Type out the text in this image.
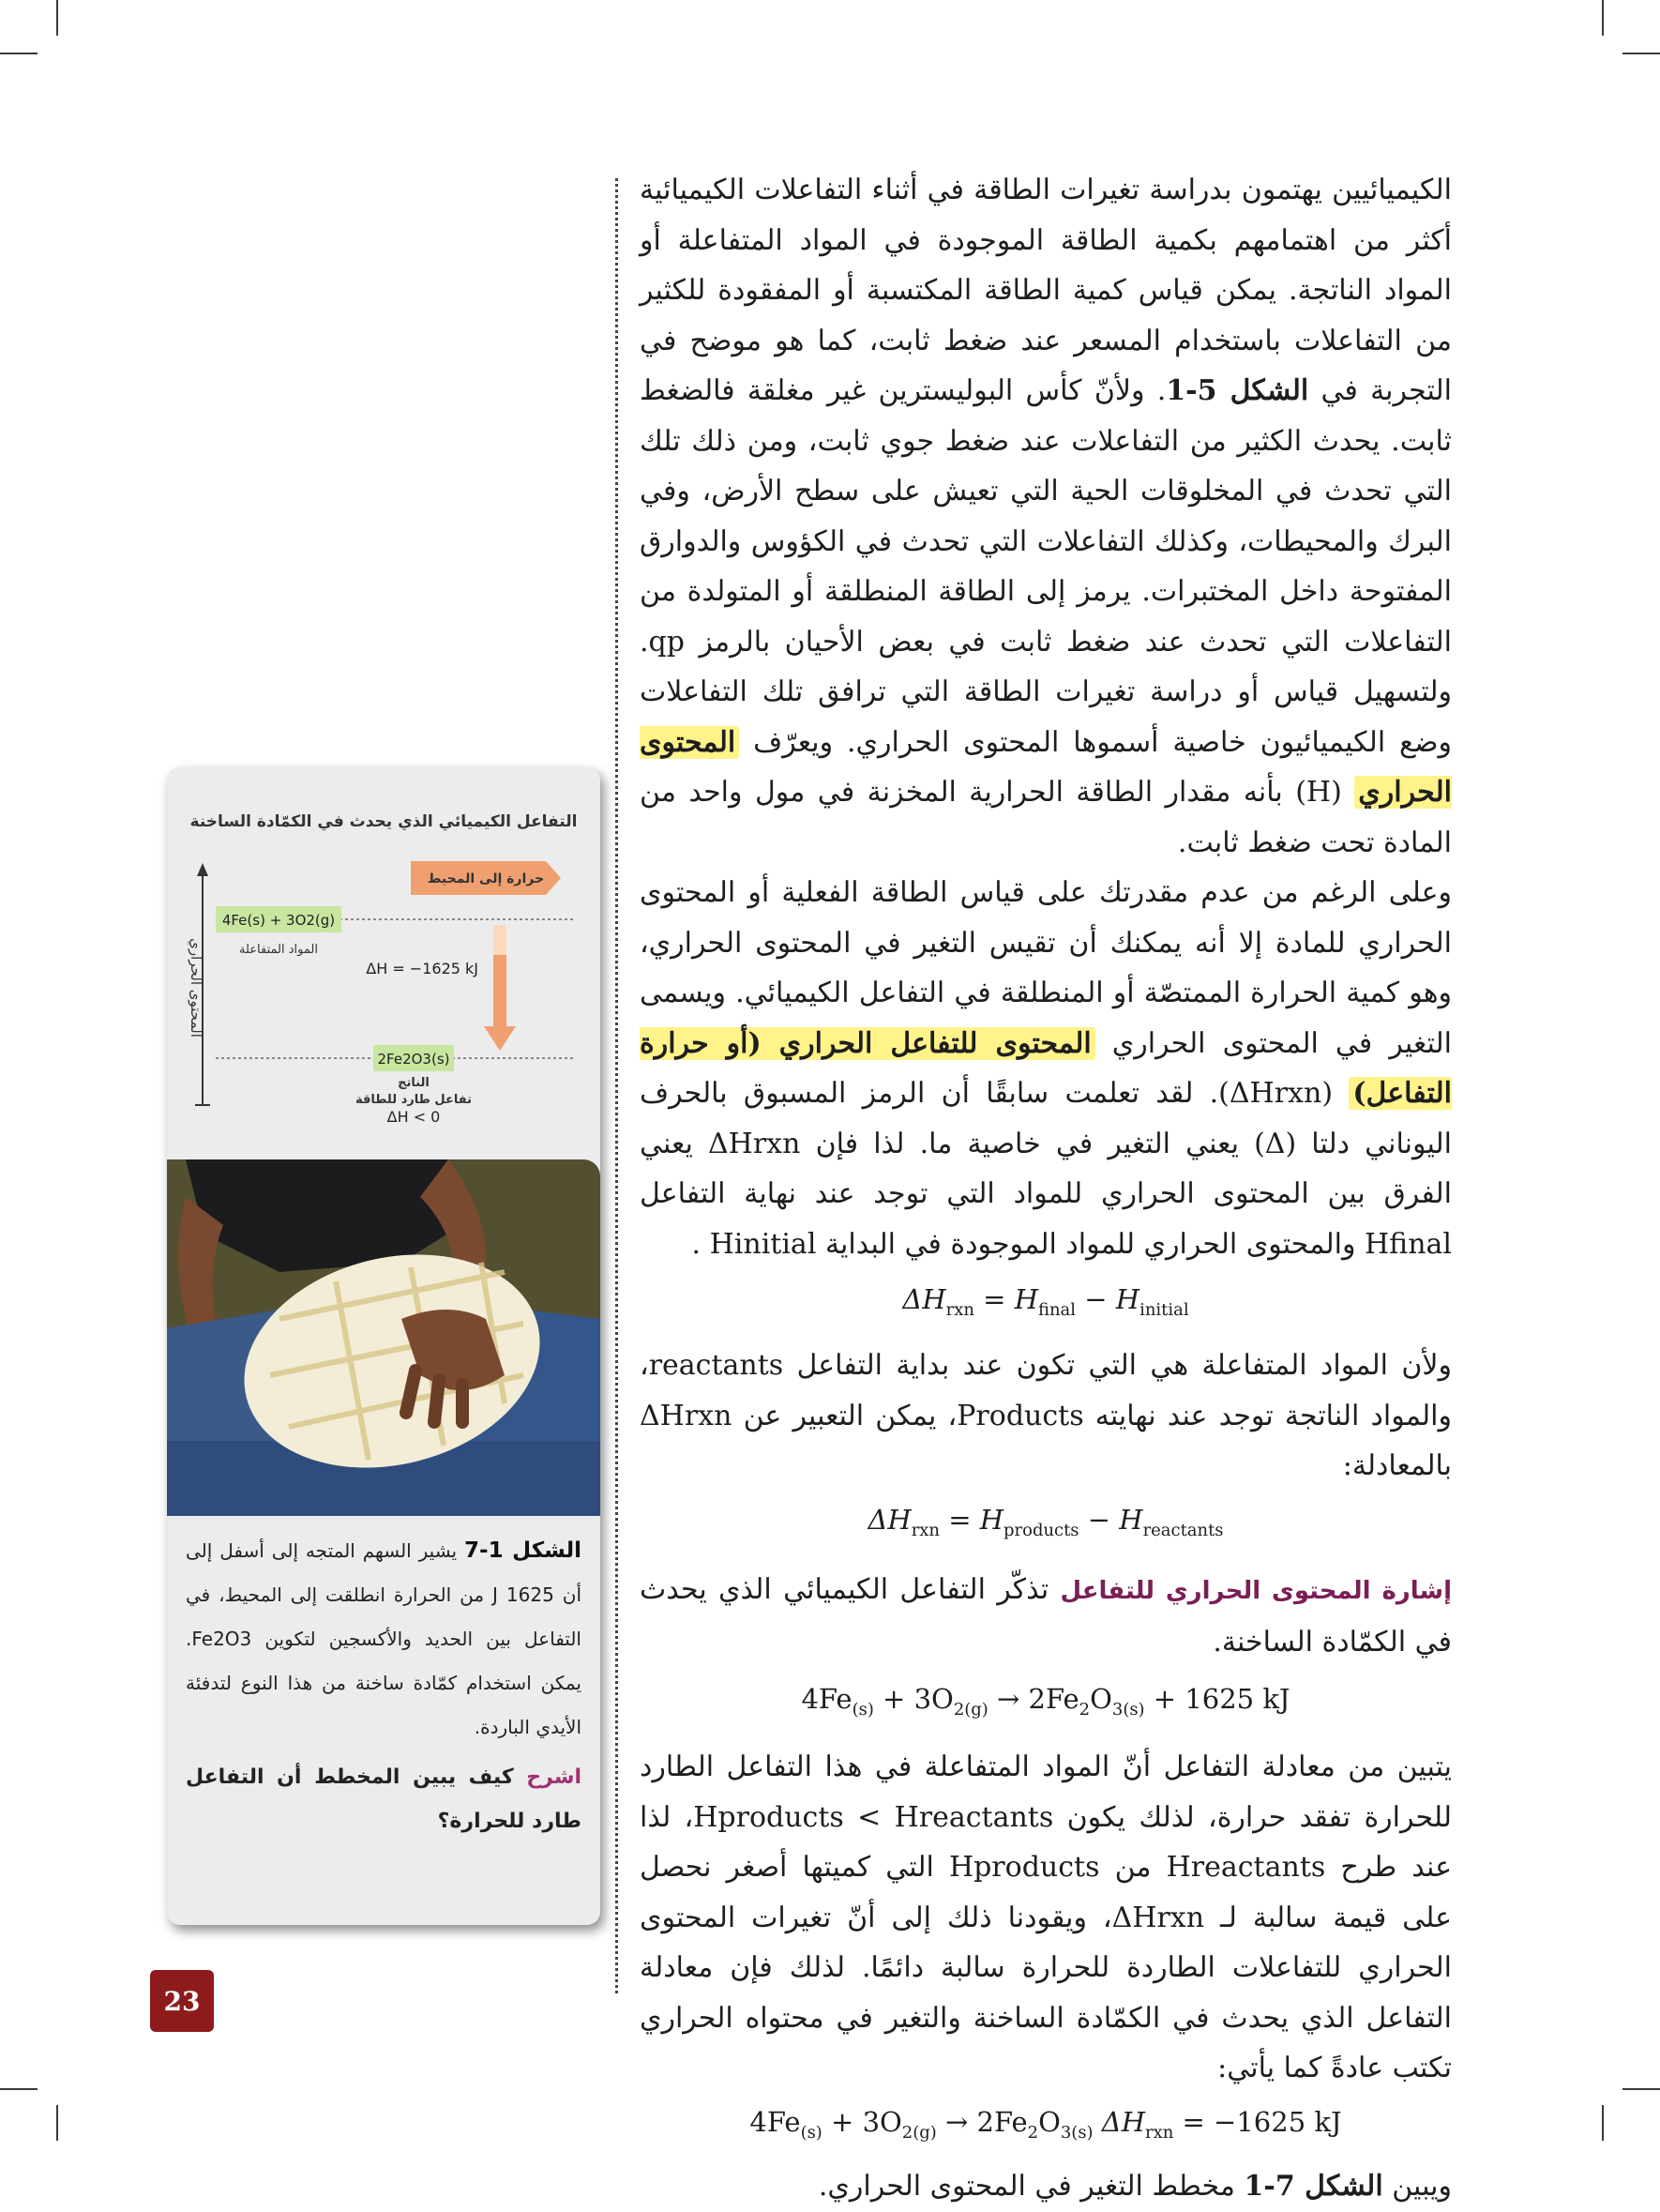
الكيميائيين يهتمون بدراسة تغيرات الطاقة في أثناء التفاعلات الكيميائية أكثر من اهتمامهم بكمية الطاقة الموجودة في المواد المتفاعلة أو المواد الناتجة. يمكن قياس كمية الطاقة المكتسبة أو المفقودة للكثير من التفاعلات باستخدام المسعر عند ضغط ثابت، كما هو موضح في التجربة في الشكل 5-1. ولأنّ كأس البوليسترين غير مغلقة فالضغط ثابت. يحدث الكثير من التفاعلات عند ضغط جوي ثابت، ومن ذلك تلك التي تحدث في المخلوقات الحية التي تعيش على سطح الأرض، وفي البرك والمحيطات، وكذلك التفاعلات التي تحدث في الكؤوس والدوارق المفتوحة داخل المختبرات. يرمز إلى الطاقة المنطلقة أو المتولدة من التفاعلات التي تحدث عند ضغط ثابت في بعض الأحيان بالرمز qp. ولتسهيل قياس أو دراسة تغيرات الطاقة التي ترافق تلك التفاعلات وضع الكيميائيون خاصية أسموها المحتوى الحراري. ويعرّف المحتوى الحراري (H) بأنه مقدار الطاقة الحرارية المخزنة في مول واحد من المادة تحت ضغط ثابت.

وعلى الرغم من عدم مقدرتك على قياس الطاقة الفعلية أو المحتوى الحراري للمادة إلا أنه يمكنك أن تقيس التغير في المحتوى الحراري، وهو كمية الحرارة الممتصّة أو المنطلقة في التفاعل الكيميائي. ويسمى التغير في المحتوى الحراري المحتوى للتفاعل الحراري (أو حرارة التفاعل) (ΔHrxn). لقد تعلمت سابقًا أن الرمز المسبوق بالحرف اليوناني دلتا (Δ) يعني التغير في خاصية ما. لذا فإن ΔHrxn يعني الفرق بين المحتوى الحراري للمواد التي توجد عند نهاية التفاعل Hfinal والمحتوى الحراري للمواد الموجودة في البداية Hinitial .

$\Delta H_{rxn} = H_{final} - H_{initial}$

ولأن المواد المتفاعلة هي التي تكون عند بداية التفاعل reactants، والمواد الناتجة توجد عند نهايته Products، يمكن التعبير عن ΔHrxn بالمعادلة:

$\Delta H_{rxn} = H_{products} - H_{reactants}$

إشارة المحتوى الحراري للتفاعل تذكّر التفاعل الكيميائي الذي يحدث في الكمّادة الساخنة.

$4Fe_{(s)} + 3O_{2(g)} \to 2Fe_2O_{3(s)} + 1625$ kJ

يتبين من معادلة التفاعل أنّ المواد المتفاعلة في هذا التفاعل الطارد للحرارة تفقد حرارة، لذلك يكون Hproducts < Hreactants، لذا عند طرح Hreactants من Hproducts التي كميتها أصغر نحصل على قيمة سالبة لـ ΔHrxn، ويقودنا ذلك إلى أنّ تغيرات المحتوى الحراري للتفاعلات الطاردة للحرارة سالبة دائمًا. لذلك فإن معادلة التفاعل الذي يحدث في الكمّادة الساخنة والتغير في محتواه الحراري تكتب عادةً كما يأتي:

$4Fe_{(s)} + 3O_{2(g)} \to 2Fe_2O_{3(s)}$ $\Delta H_{rxn} = -1625$ kJ

ويبين الشكل 7-1 مخطط التغير في المحتوى الحراري.

التفاعل الكيميائي الذي يحدث في الكمّادة الساخنة
المحتوى الحراري
حرارة إلى المحيط
4Fe(s) + 3O2(g)
المواد المتفاعلة
ΔH = −1625 kJ
2Fe2O3(s)
الناتج
تفاعل طارد للطاقة
ΔH < 0

الشكل 1-7 يشير السهم المتجه إلى أسفل إلى أن 1625 J من الحرارة انطلقت إلى المحيط، في التفاعل بين الحديد والأكسجين لتكوين Fe2O3. يمكن استخدام كمّادة ساخنة من هذا النوع لتدفئة الأيدي الباردة.

اشرح كيف يبين المخطط أن التفاعل طارد للحرارة؟

23
